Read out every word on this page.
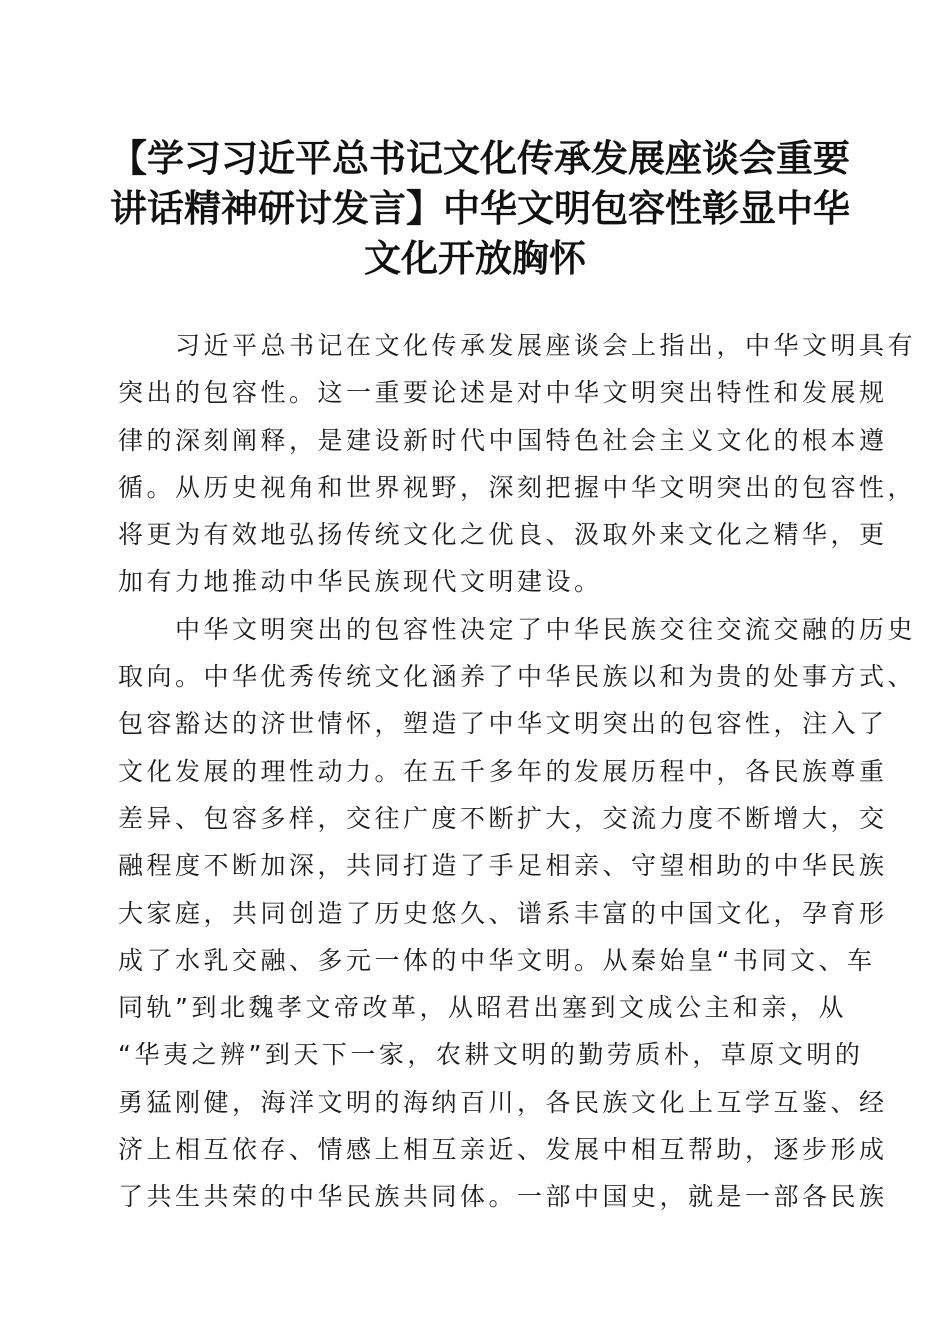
【学习习近平总书记文化传承发展座谈会重要
讲话精神研讨发言】中华文明包容性彰显中华
文化开放胸怀
　　习近平总书记在文化传承发展座谈会上指出，中华文明具有
突出的包容性。这一重要论述是对中华文明突出特性和发展规
律的深刻阐释，是建设新时代中国特色社会主义文化的根本遵
循。从历史视角和世界视野，深刻把握中华文明突出的包容性，
将更为有效地弘扬传统文化之优良、汲取外来文化之精华，更
加有力地推动中华民族现代文明建设。
　　中华文明突出的包容性决定了中华民族交往交流交融的历史
取向。中华优秀传统文化涵养了中华民族以和为贵的处事方式、
包容豁达的济世情怀，塑造了中华文明突出的包容性，注入了
文化发展的理性动力。在五千多年的发展历程中，各民族尊重
差异、包容多样，交往广度不断扩大，交流力度不断增大，交
融程度不断加深，共同打造了手足相亲、守望相助的中华民族
大家庭，共同创造了历史悠久、谱系丰富的中国文化，孕育形
成了水乳交融、多元一体的中华文明。从秦始皇“书同文、车
同轨”到北魏孝文帝改革，从昭君出塞到文成公主和亲，从
“华夷之辨”到天下一家，农耕文明的勤劳质朴，草原文明的
勇猛刚健，海洋文明的海纳百川，各民族文化上互学互鉴、经
济上相互依存、情感上相互亲近、发展中相互帮助，逐步形成
了共生共荣的中华民族共同体。一部中国史，就是一部各民族
